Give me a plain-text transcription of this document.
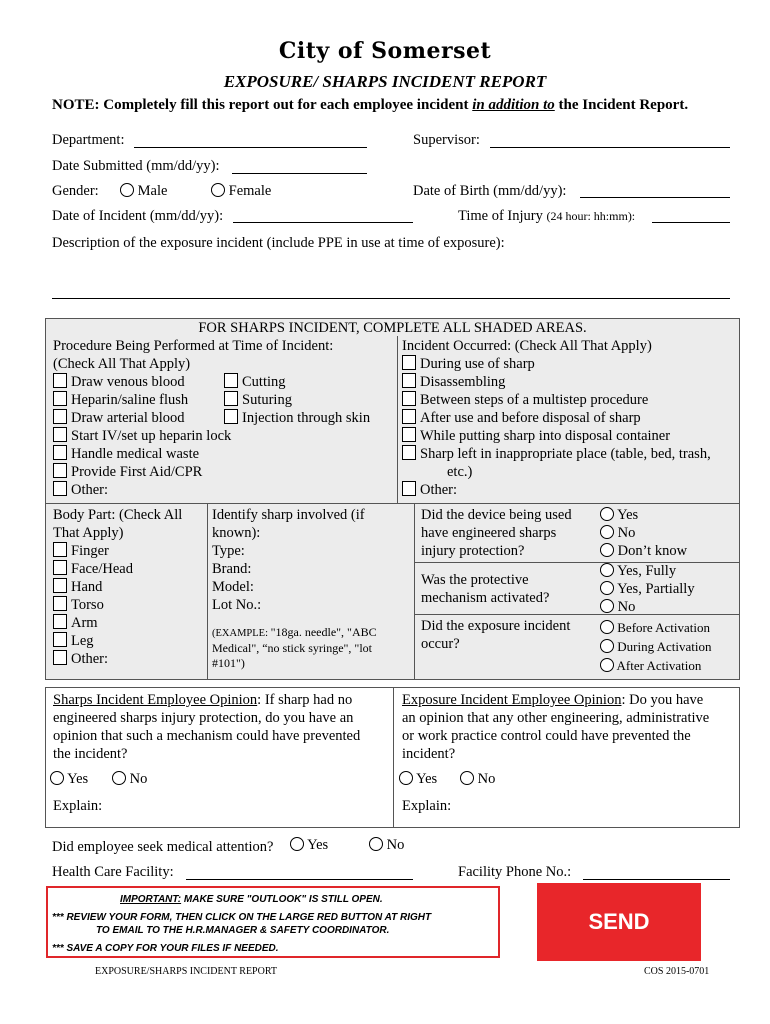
City of Somerset
EXPOSURE/ SHARPS INCIDENT REPORT
NOTE: Completely fill this report out for each employee incident in addition to the Incident Report.
Department:	Supervisor:
Date Submitted (mm/dd/yy):
Gender:	Male	Female	Date of Birth (mm/dd/yy):
Date of Incident (mm/dd/yy):	Time of Injury (24 hour: hh:mm):
Description of the exposure incident (include PPE in use at time of exposure):
FOR SHARPS INCIDENT, COMPLETE ALL SHADED AREAS.
Procedure Being Performed at Time of Incident:
(Check All That Apply)
Draw venous blood
Heparin/saline flush
Draw arterial blood
Cutting
Suturing
Injection through skin
Start IV/set up heparin lock
Handle medical waste
Provide First Aid/CPR
Other:
Incident Occurred: (Check All That Apply)
During use of sharp
Disassembling
Between steps of a multistep procedure
After use and before disposal of sharp
While putting sharp into disposal container
Sharp left in inappropriate place (table, bed, trash,
etc.)
Other:
Body Part: (Check All
That Apply)
Finger
Face/Head
Hand
Torso
Arm
Leg
Other:
Identify sharp involved (if
known):
Type:
Brand:
Model:
Lot No.:
(EXAMPLE: "18ga. needle", "ABC
Medical", “no stick syringe", "lot
#101")
Did the device being used
have engineered sharps
injury protection?
Yes
No
Don’t know
Was the protective
mechanism activated?
Yes, Fully
Yes, Partially
No
Did the exposure incident
occur?
Before Activation
During Activation
After Activation
Sharps Incident Employee Opinion: If sharp had no
engineered sharps injury protection, do you have an
opinion that such a mechanism could have prevented
the incident?
Yes	No
Explain:
Exposure Incident Employee Opinion: Do you have
an opinion that any other engineering, administrative
or work practice control could have prevented the
incident?
Yes	No
Explain:
Did employee seek medical attention?	Yes	No
Health Care Facility:	Facility Phone No.:
IMPORTANT: MAKE SURE "OUTLOOK" IS STILL OPEN.
*** REVIEW YOUR FORM, THEN CLICK ON THE LARGE RED BUTTON AT RIGHT
TO EMAIL TO THE H.R.MANAGER & SAFETY COORDINATOR.
*** SAVE A COPY FOR YOUR FILES IF NEEDED.
SEND
EXPOSURE/SHARPS INCIDENT REPORT	COS 2015-0701
